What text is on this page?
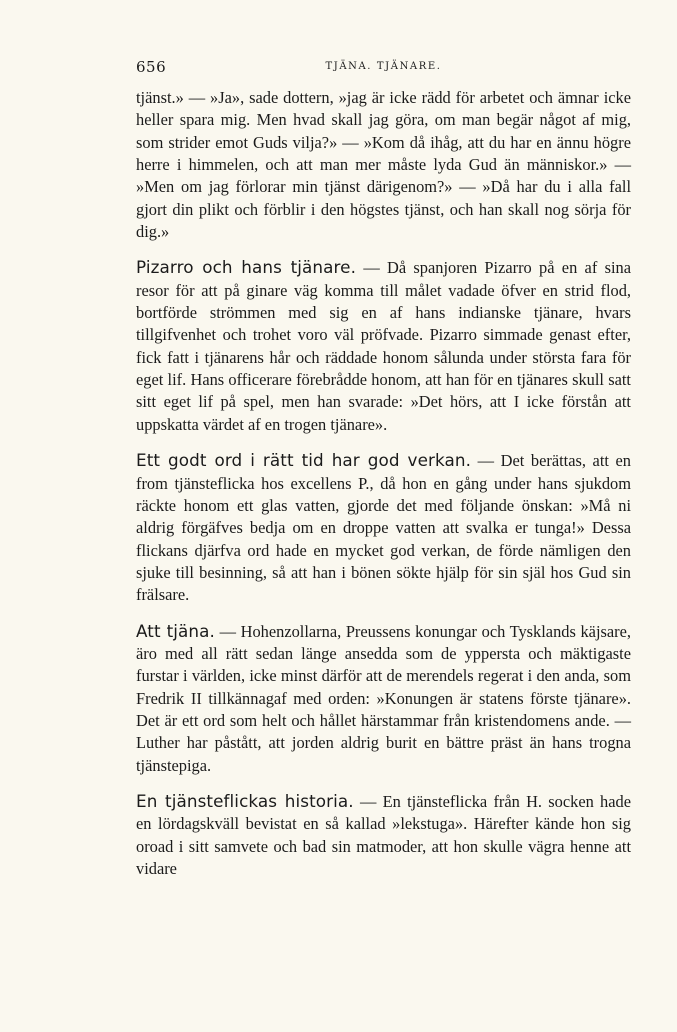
656	TJÄNA. TJÄNARE.

tjänst.» — »Ja», sade dottern, »jag är icke rädd för arbetet och ämnar icke heller spara mig. Men hvad skall jag göra, om man begär något af mig, som strider emot Guds vilja?» — »Kom då ihåg, att du har en ännu högre herre i himmelen, och att man mer måste lyda Gud än människor.» — »Men om jag förlorar min tjänst därigenom?» — »Då har du i alla fall gjort din plikt och förblir i den högstes tjänst, och han skall nog sörja för dig.»

Pizarro och hans tjänare. — Då spanjoren Pizarro på en af sina resor för att på ginare väg komma till målet vadade öfver en strid flod, bortförde strömmen med sig en af hans indianske tjänare, hvars tillgifvenhet och trohet voro väl pröfvade. Pizarro simmade genast efter, fick fatt i tjänarens hår och räddade honom sålunda under största fara för eget lif. Hans officerare förebrådde honom, att han för en tjänares skull satt sitt eget lif på spel, men han svarade: »Det hörs, att I icke förstån att uppskatta värdet af en trogen tjänare».

Ett godt ord i rätt tid har god verkan. — Det berättas, att en from tjänsteflicka hos excellens P., då hon en gång under hans sjukdom räckte honom ett glas vatten, gjorde det med följande önskan: »Må ni aldrig förgäfves bedja om en droppe vatten att svalka er tunga!» Dessa flickans djärfva ord hade en mycket god verkan, de förde nämligen den sjuke till besinning, så att han i bönen sökte hjälp för sin själ hos Gud sin frälsare.

Att tjäna. — Hohenzollarna, Preussens konungar och Tysklands käjsare, äro med all rätt sedan länge ansedda som de yppersta och mäktigaste furstar i världen, icke minst därför att de merendels regerat i den anda, som Fredrik II tillkännagaf med orden: »Konungen är statens förste tjänare». Det är ett ord som helt och hållet härstammar från kristendomens ande. — Luther har påstått, att jorden aldrig burit en bättre präst än hans trogna tjänstepiga.

En tjänsteflickas historia. — En tjänsteflicka från H. socken hade en lördagskväll bevistat en så kallad »lekstuga». Härefter kände hon sig oroad i sitt samvete och bad sin matmoder, att hon skulle vägra henne att vidare
